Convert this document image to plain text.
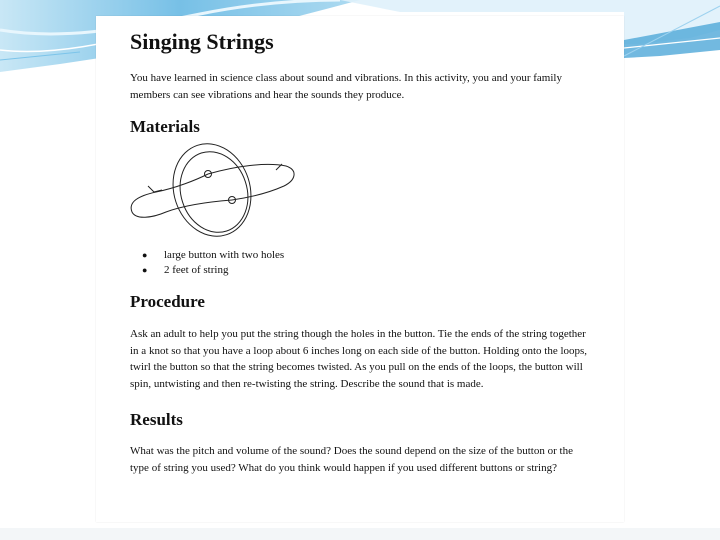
Singing Strings

You have learned in science class about sound and vibrations. In this activity, you and your family members can see vibrations and hear the sounds they produce.

Materials
●	large button with two holes
●	2 feet of string
Procedure

Ask an adult to help you put the string though the holes in the button. Tie the ends of the string together in a knot so that you have a loop about 6 inches long on each side of the button. Holding onto the loops, twirl the button so that the string becomes twisted. As you pull on the ends of the loops, the button will spin, untwisting and then re-twisting the string. Describe the sound that is made.

Results

What was the pitch and volume of the sound? Does the sound depend on the size of the button or the type of string you used? What do you think would happen if you used different buttons or string?
